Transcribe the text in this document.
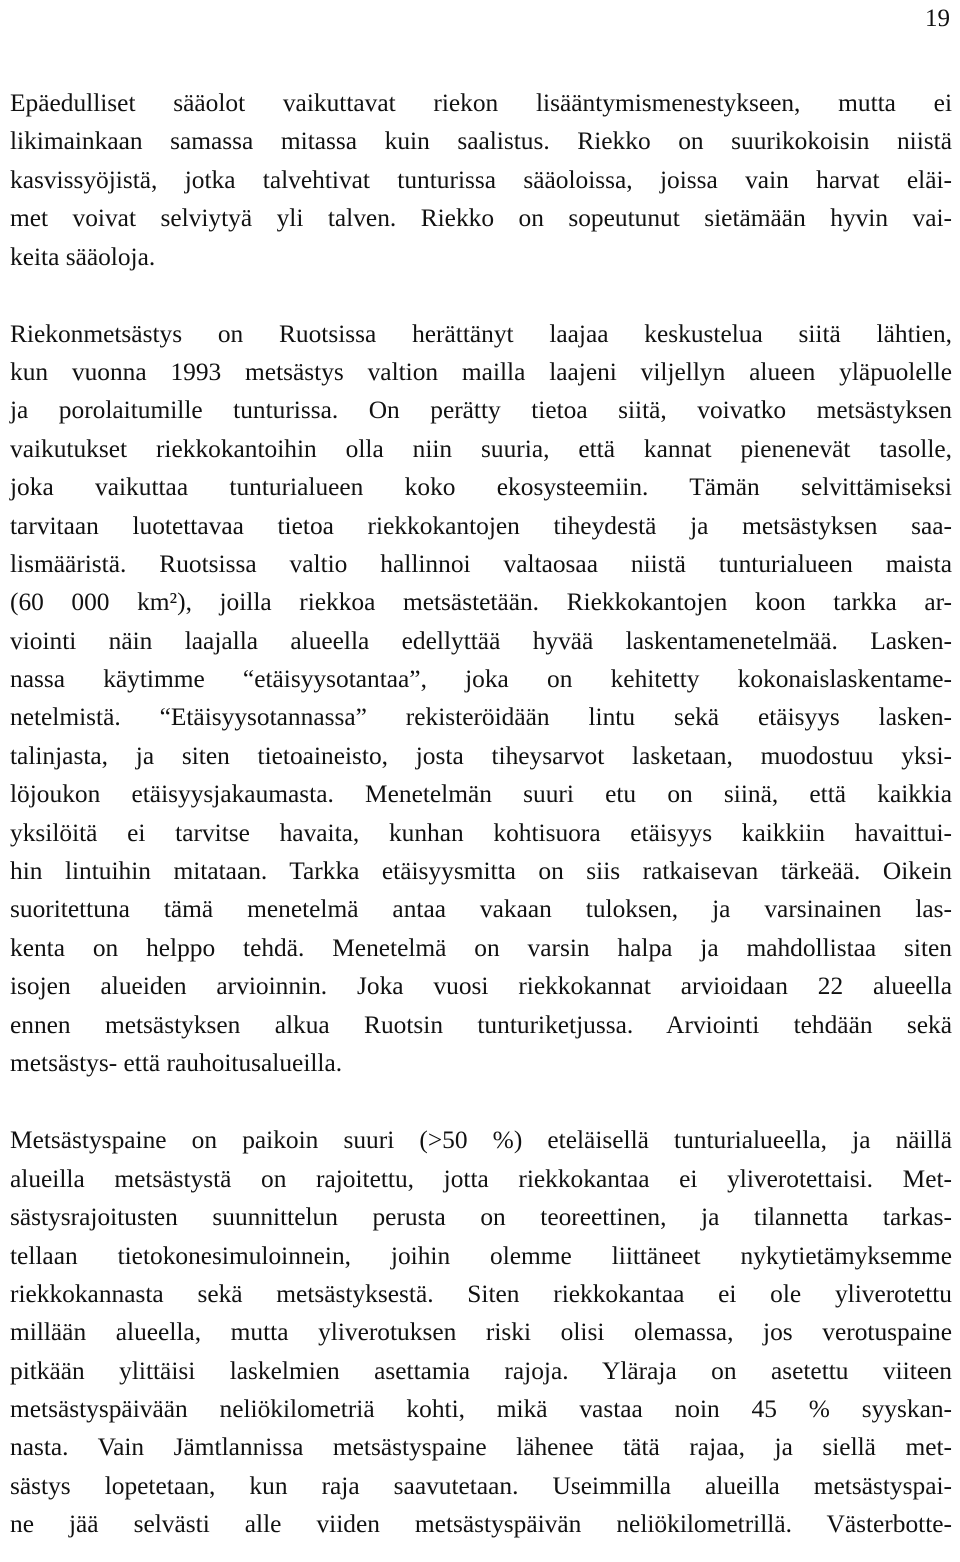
19
Epäedulliset sääolot vaikuttavat riekon lisääntymismenestykseen, mutta ei
likimainkaan samassa mitassa kuin saalistus. Riekko on suurikokoisin niistä
kasvissyöjistä, jotka talvehtivat tunturissa sääoloissa, joissa vain harvat eläi-
met voivat selviytyä yli talven. Riekko on sopeutunut sietämään hyvin vai-
keita sääoloja.
Riekonmetsästys on Ruotsissa herättänyt laajaa keskustelua siitä lähtien,
kun vuonna 1993 metsästys valtion mailla laajeni viljellyn alueen yläpuolelle
ja porolaitumille tunturissa. On perätty tietoa siitä, voivatko metsästyksen
vaikutukset riekkokantoihin olla niin suuria, että kannat pienenevät tasolle,
joka vaikuttaa tunturialueen koko ekosysteemiin. Tämän selvittämiseksi
tarvitaan luotettavaa tietoa riekkokantojen tiheydestä ja metsästyksen saa-
lismääristä. Ruotsissa valtio hallinnoi valtaosaa niistä tunturialueen maista
(60 000 km²), joilla riekkoa metsästetään. Riekkokantojen koon tarkka ar-
viointi näin laajalla alueella edellyttää hyvää laskentamenetelmää. Lasken-
nassa käytimme “etäisyysotantaa”, joka on kehitetty kokonaislaskentame-
netelmistä. “Etäisyysotannassa” rekisteröidään lintu sekä etäisyys lasken-
talinjasta, ja siten tietoaineisto, josta tiheysarvot lasketaan, muodostuu yksi-
löjoukon etäisyysjakaumasta. Menetelmän suuri etu on siinä, että kaikkia
yksilöitä ei tarvitse havaita, kunhan kohtisuora etäisyys kaikkiin havaittui-
hin lintuihin mitataan. Tarkka etäisyysmitta on siis ratkaisevan tärkeää. Oikein
suoritettuna tämä menetelmä antaa vakaan tuloksen, ja varsinainen las-
kenta on helppo tehdä. Menetelmä on varsin halpa ja mahdollistaa siten
isojen alueiden arvioinnin. Joka vuosi riekkokannat arvioidaan 22 alueella
ennen metsästyksen alkua Ruotsin tunturiketjussa. Arviointi tehdään sekä
metsästys- että rauhoitusalueilla.
Metsästyspaine on paikoin suuri (>50 %) eteläisellä tunturialueella, ja näillä
alueilla metsästystä on rajoitettu, jotta riekkokantaa ei yliverotettaisi. Met-
sästysrajoitusten suunnittelun perusta on teoreettinen, ja tilannetta tarkas-
tellaan tietokonesimuloinnein, joihin olemme liittäneet nykytietämyksemme
riekkokannasta sekä metsästyksestä. Siten riekkokantaa ei ole yliverotettu
millään alueella, mutta yliverotuksen riski olisi olemassa, jos verotuspaine
pitkään ylittäisi laskelmien asettamia rajoja. Yläraja on asetettu viiteen
metsästyspäivään neliökilometriä kohti, mikä vastaa noin 45 % syyskan-
nasta. Vain Jämtlannissa metsästyspaine lähenee tätä rajaa, ja siellä met-
sästys lopetetaan, kun raja saavutetaan. Useimmilla alueilla metsästyspai-
ne jää selvästi alle viiden metsästyspäivän neliökilometrillä. Västerbotte-
